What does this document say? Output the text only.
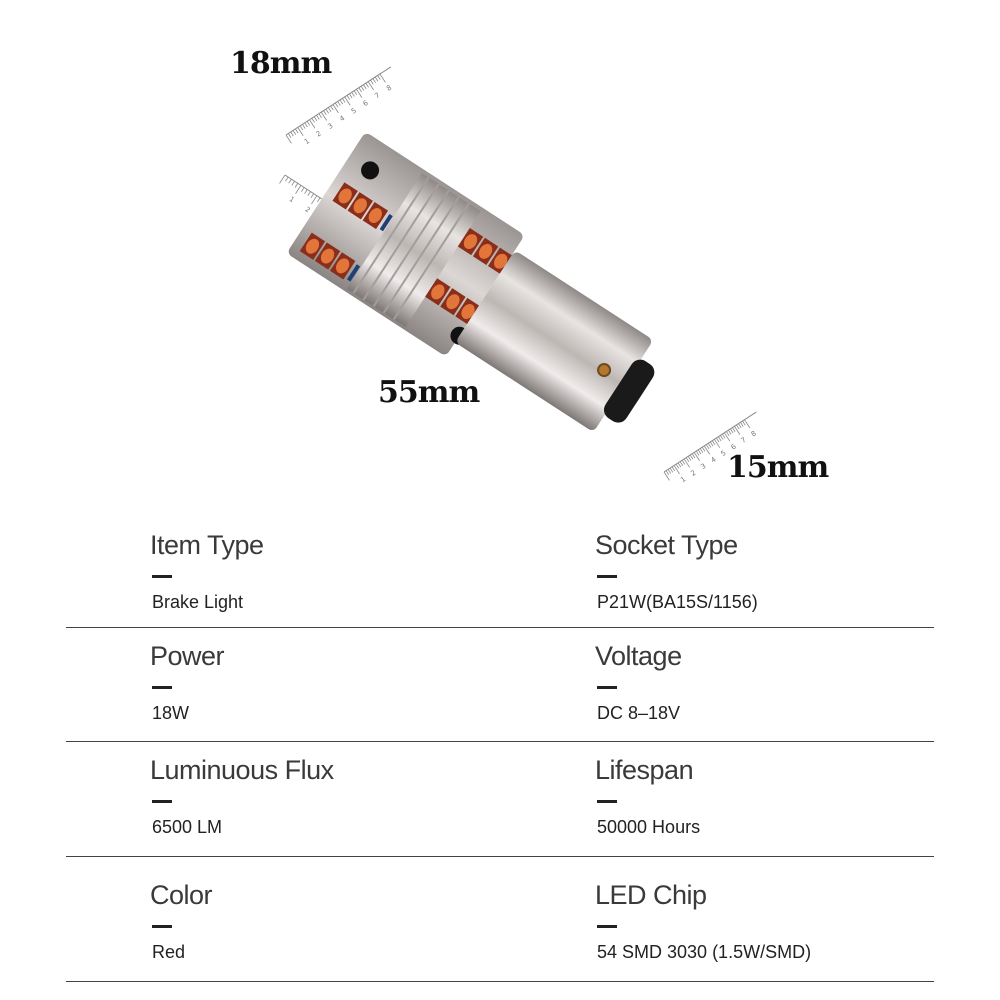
1
2
1
2
3
4
5
6
7
8
1
2
3
4
5
6
7
8
18mm
55mm
15mm
Item Type
Brake Light
Socket Type
P21W(BA15S/1156)
Power
18W
Voltage
DC 8–18V
Luminuous Flux
6500 LM
Lifespan
50000 Hours
Color
Red
LED Chip
54 SMD 3030 (1.5W/SMD)
